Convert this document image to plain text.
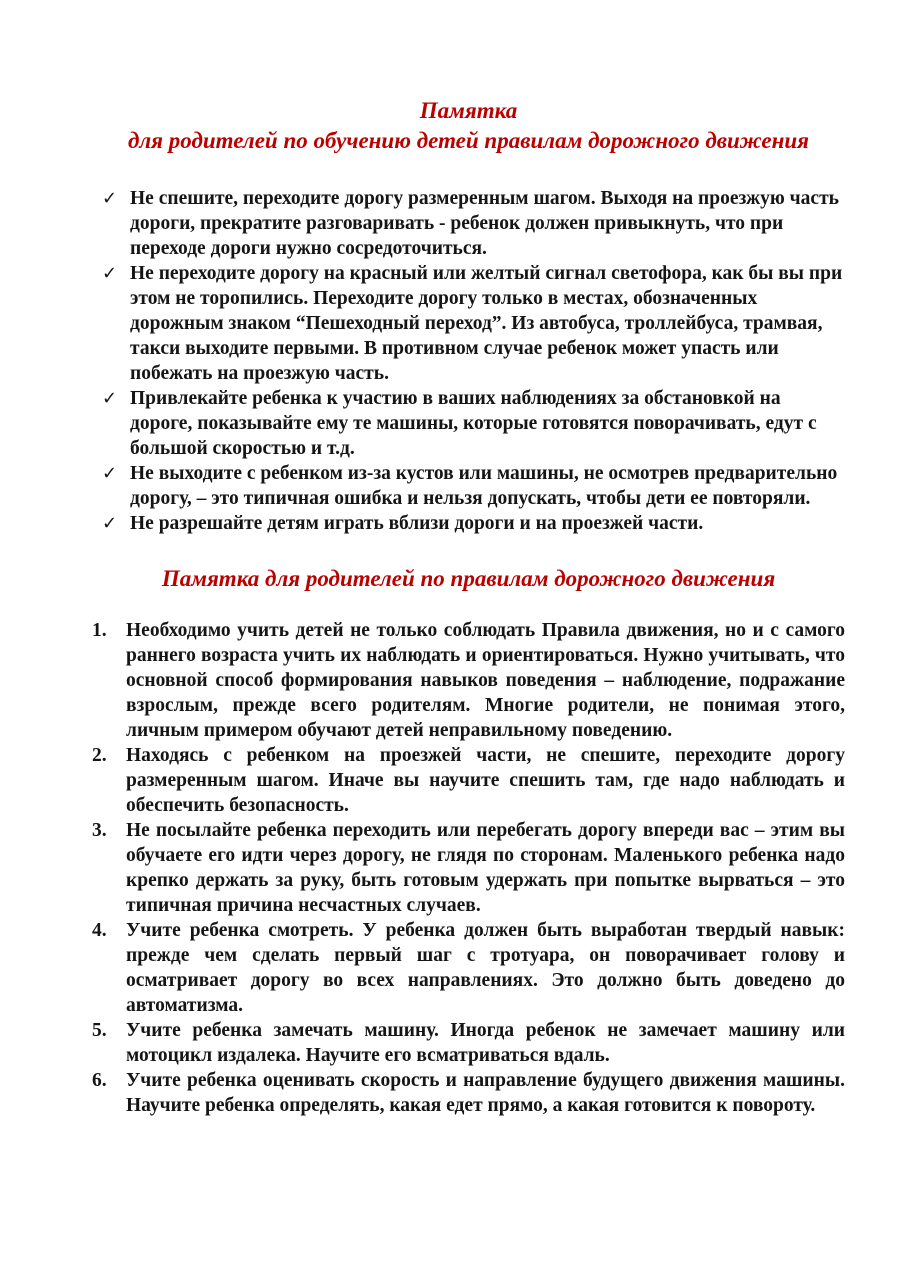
Памятка
для родителей по обучению детей правилам дорожного движения
✓ Не спешите, переходите дорогу размеренным шагом. Выходя на проезжую часть дороги, прекратите разговаривать - ребенок должен привыкнуть, что при переходе дороги нужно сосредоточиться.
✓ Не переходите дорогу на красный или желтый сигнал светофора, как бы вы при этом не торопились. Переходите дорогу только в местах, обозначенных дорожным знаком “Пешеходный переход”. Из автобуса, троллейбуса, трамвая, такси выходите первыми. В противном случае ребенок может упасть или побежать на проезжую часть.
✓ Привлекайте ребенка к участию в ваших наблюдениях за обстановкой на дороге, показывайте ему те машины, которые готовятся поворачивать, едут с большой скоростью и т.д.
✓ Не выходите с ребенком из-за кустов или машины, не осмотрев предварительно дорогу, – это типичная ошибка и нельзя допускать, чтобы дети ее повторяли.
✓ Не разрешайте детям играть вблизи дороги и на проезжей части.
Памятка для родителей по правилам дорожного движения
1. Необходимо учить детей не только соблюдать Правила движения, но и с самого раннего возраста учить их наблюдать и ориентироваться. Нужно учитывать, что основной способ формирования навыков поведения – наблюдение, подражание взрослым, прежде всего родителям. Многие родители, не понимая этого, личным примером обучают детей неправильному поведению.
2. Находясь с ребенком на проезжей части, не спешите, переходите дорогу размеренным шагом. Иначе вы научите спешить там, где надо наблюдать и обеспечить безопасность.
3. Не посылайте ребенка переходить или перебегать дорогу впереди вас – этим вы обучаете его идти через дорогу, не глядя по сторонам. Маленького ребенка надо крепко держать за руку, быть готовым удержать при попытке вырваться – это типичная причина несчастных случаев.
4. Учите ребенка смотреть. У ребенка должен быть выработан твердый навык: прежде чем сделать первый шаг с тротуара, он поворачивает голову и осматривает дорогу во всех направлениях. Это должно быть доведено до автоматизма.
5. Учите ребенка замечать машину. Иногда ребенок не замечает машину или мотоцикл издалека. Научите его всматриваться вдаль.
6. Учите ребенка оценивать скорость и направление будущего движения машины. Научите ребенка определять, какая едет прямо, а какая готовится к повороту.
